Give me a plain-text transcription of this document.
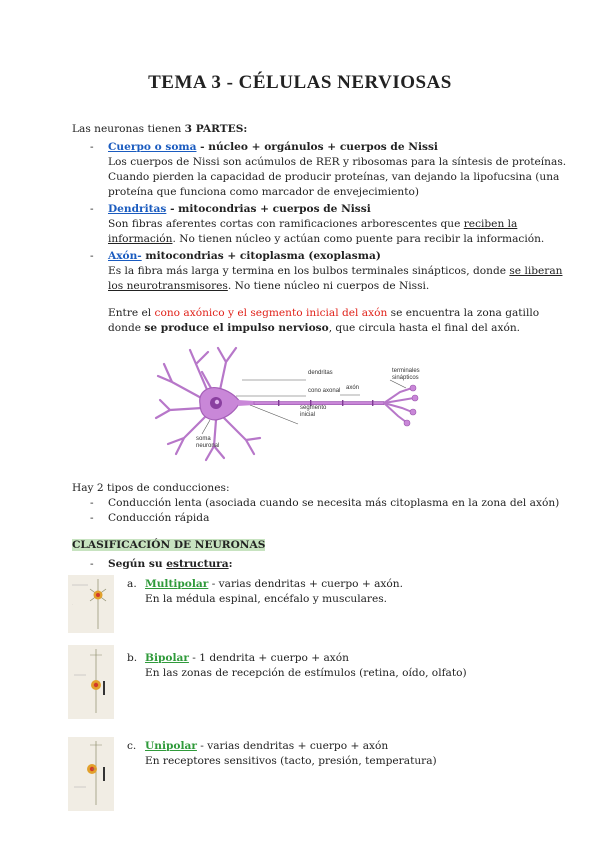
TEMA 3 - CÉLULAS NERVIOSAS
Las neuronas tienen 3 PARTES:
- Cuerpo o soma - núcleo + orgánulos + cuerpos de Nissi
Los cuerpos de Nissi son acúmulos de RER y ribosomas para la síntesis de proteínas.
Cuando pierden la capacidad de producir proteínas, van dejando la lipofucsina (una
proteína que funciona como marcador de envejecimiento)
- Dendritas - mitocondrias + cuerpos de Nissi
Son fibras aferentes cortas con ramificaciones arborescentes que reciben la
información. No tienen núcleo y actúan como puente para recibir la información.
- Axón- mitocondrias + citoplasma (exoplasma)
Es la fibra más larga y termina en los bulbos terminales sinápticos, donde se liberan
los neurotransmisores. No tiene núcleo ni cuerpos de Nissi.
Entre el cono axónico y el segmento inicial del axón se encuentra la zona gatillo
donde se produce el impulso nervioso, que circula hasta el final del axón.
dendritas
cono axonal
segmento inicial
axón
terminales sinápticos
soma neuronal
Hay 2 tipos de conducciones:
- Conducción lenta (asociada cuando se necesita más citoplasma en la zona del axón)
- Conducción rápida
CLASIFICACIÓN DE NEURONAS
- Según su estructura:
·
a. Multipolar - varias dendritas + cuerpo + axón.
En la médula espinal, encéfalo y musculares.
b. Bipolar - 1 dendrita + cuerpo + axón
En las zonas de recepción de estímulos (retina, oído, olfato)
c. Unipolar - varias dendritas + cuerpo + axón
En receptores sensitivos (tacto, presión, temperatura)
